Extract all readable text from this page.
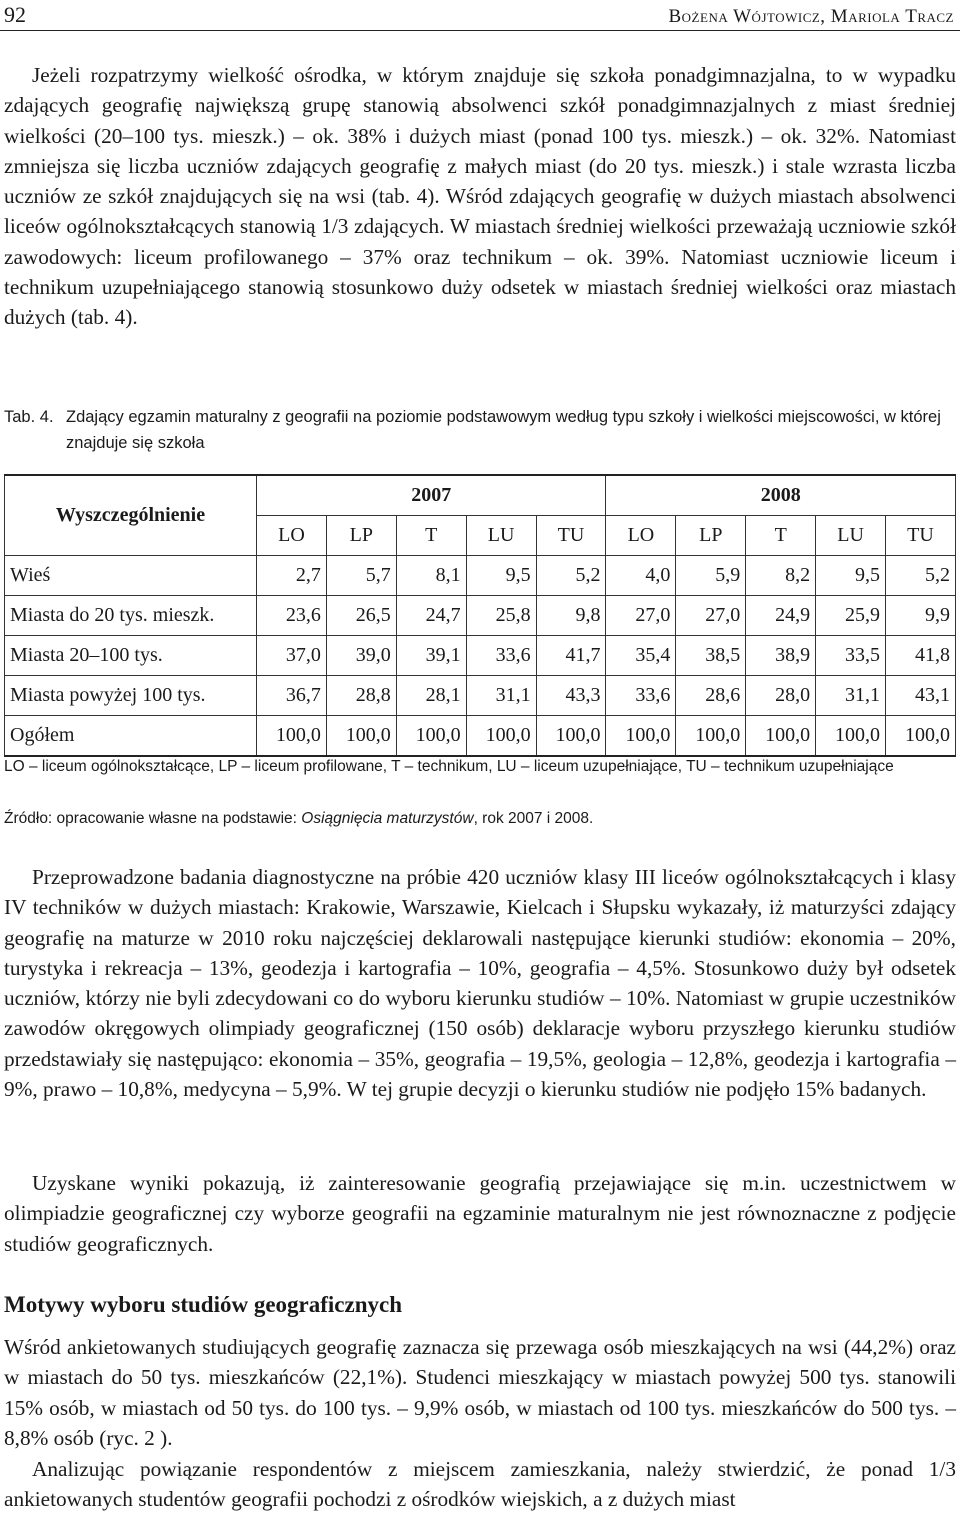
92	Bożena Wójtowicz, Mariola Tracz

Jeżeli rozpatrzymy wielkość ośrodka, w którym znajduje się szkoła ponadgimnazjalna, to w wypadku zdających geografię największą grupę stanowią absolwenci szkół ponadgimnazjalnych z miast średniej wielkości (20–100 tys. mieszk.) – ok. 38% i dużych miast (ponad 100 tys. mieszk.) – ok. 32%. Natomiast zmniejsza się liczba uczniów zdających geografię z małych miast (do 20 tys. mieszk.) i stale wzrasta liczba uczniów ze szkół znajdujących się na wsi (tab. 4). Wśród zdających geografię w dużych miastach absolwenci liceów ogólnokształcących stanowią 1/3 zdających. W miastach średniej wielkości przeważają uczniowie szkół zawodowych: liceum profilowanego – 37% oraz technikum – ok. 39%. Natomiast uczniowie liceum i technikum uzupełniającego stanowią stosunkowo duży odsetek w miastach średniej wielkości oraz miastach dużych (tab. 4).

Tab. 4. Zdający egzamin maturalny z geografii na poziomie podstawowym według typu szkoły i wielkości miejscowości, w której znajduje się szkoła
Wyszczególnienie	2007					2008				
	LO	LP	T	LU	TU	LO	LP	T	LU	TU
Wieś	2,7	5,7	8,1	9,5	5,2	4,0	5,9	8,2	9,5	5,2
Miasta do 20 tys. mieszk.	23,6	26,5	24,7	25,8	9,8	27,0	27,0	24,9	25,9	9,9
Miasta 20–100 tys.	37,0	39,0	39,1	33,6	41,7	35,4	38,5	38,9	33,5	41,8
Miasta powyżej 100 tys.	36,7	28,8	28,1	31,1	43,3	33,6	28,6	28,0	31,1	43,1
Ogółem	100,0	100,0	100,0	100,0	100,0	100,0	100,0	100,0	100,0	100,0
LO – liceum ogólnokształcące, LP – liceum profilowane, T – technikum, LU – liceum uzupełniające, TU – technikum uzupełniające
Źródło: opracowanie własne na podstawie: Osiągnięcia maturzystów, rok 2007 i 2008.

Przeprowadzone badania diagnostyczne na próbie 420 uczniów klasy III liceów ogólnokształcących i klasy IV techników w dużych miastach: Krakowie, Warszawie, Kielcach i Słupsku wykazały, iż maturzyści zdający geografię na maturze w 2010 roku najczęściej deklarowali następujące kierunki studiów: ekonomia – 20%, turystyka i rekreacja – 13%, geodezja i kartografia – 10%, geografia – 4,5%. Stosunkowo duży był odsetek uczniów, którzy nie byli zdecydowani co do wyboru kierunku studiów – 10%. Natomiast w grupie uczestników zawodów okręgowych olimpiady geograficznej (150 osób) deklaracje wyboru przyszłego kierunku studiów przedstawiały się następująco: ekonomia – 35%, geografia – 19,5%, geologia – 12,8%, geodezja i kartografia – 9%, prawo – 10,8%, medycyna – 5,9%. W tej grupie decyzji o kierunku studiów nie podjęło 15% badanych.

Uzyskane wyniki pokazują, iż zainteresowanie geografią przejawiające się m.in. uczestnictwem w olimpiadzie geograficznej czy wyborze geografii na egzaminie maturalnym nie jest równoznaczne z podjęcie studiów geograficznych.

Motywy wyboru studiów geograficznych

Wśród ankietowanych studiujących geografię zaznacza się przewaga osób mieszkających na wsi (44,2%) oraz w miastach do 50 tys. mieszkańców (22,1%). Studenci mieszkający w miastach powyżej 500 tys. stanowili 15% osób, w miastach od 50 tys. do 100 tys. – 9,9% osób, w miastach od 100 tys. mieszkańców do 500 tys. – 8,8% osób (ryc. 2 ).

Analizując powiązanie respondentów z miejscem zamieszkania, należy stwierdzić, że ponad 1/3 ankietowanych studentów geografii pochodzi z ośrodków wiejskich, a z dużych miast
